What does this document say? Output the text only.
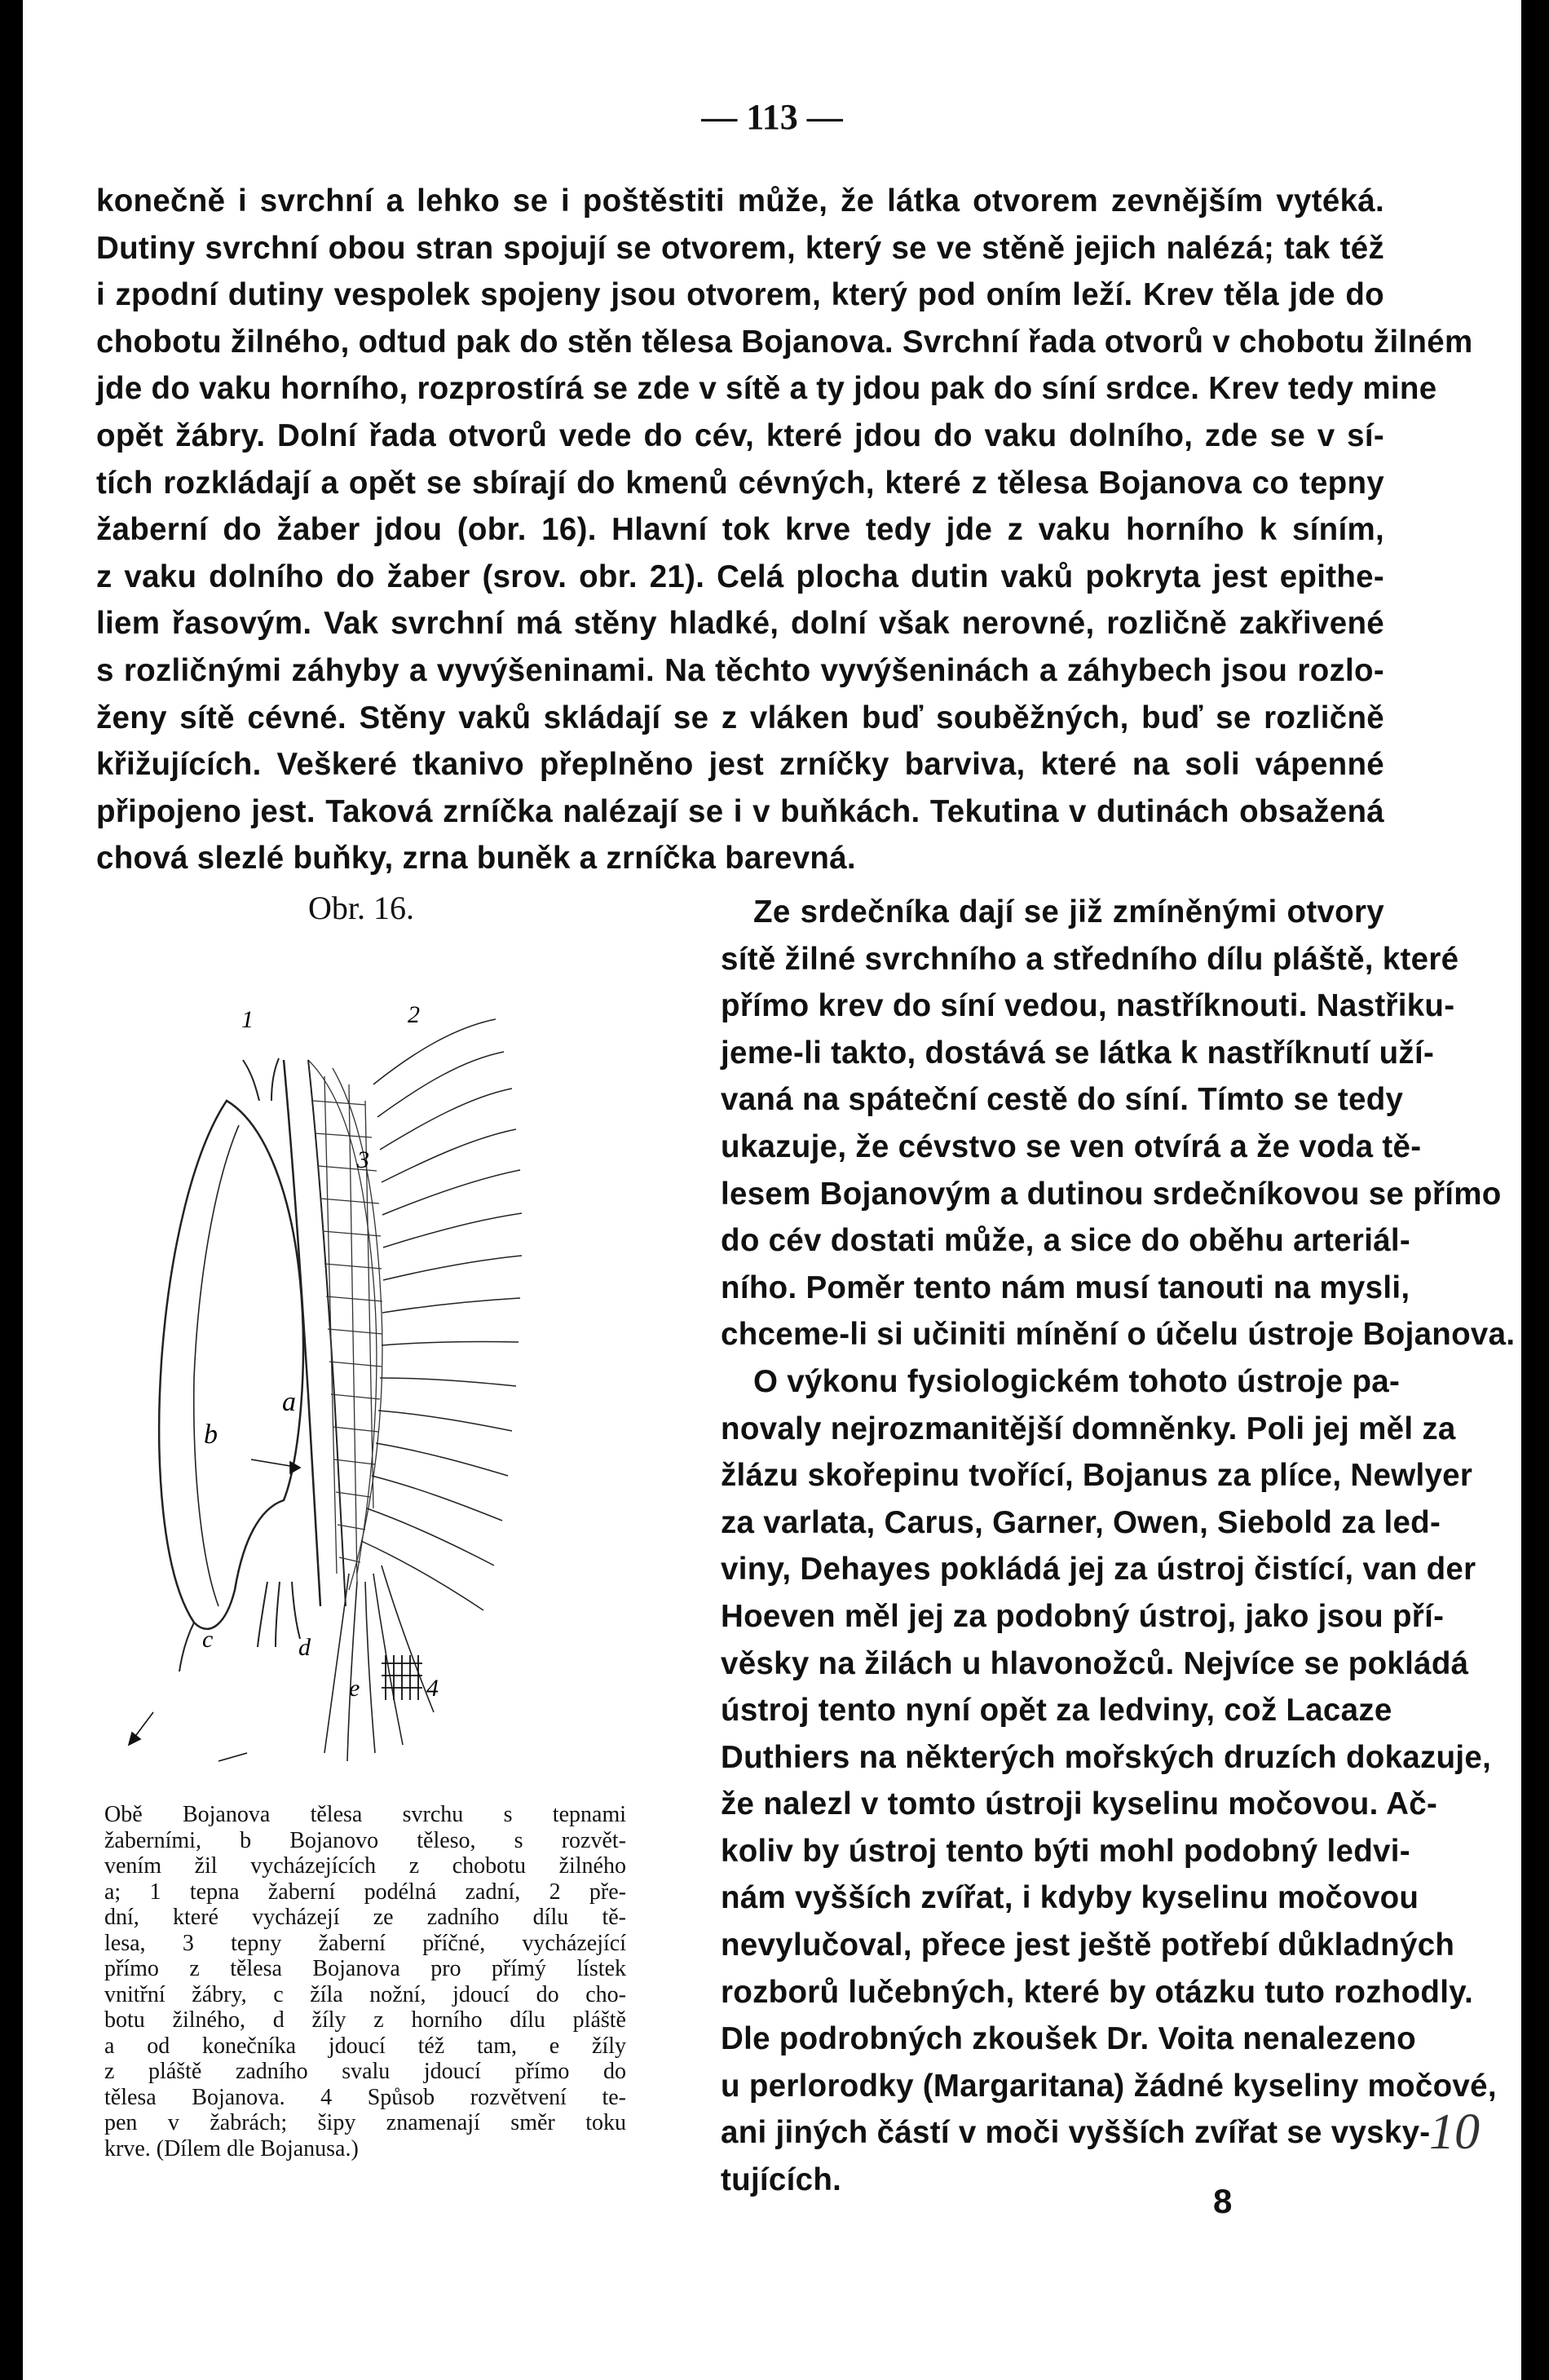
— 113 —
konečně i svrchní a lehko se i poštěstiti může, že látka otvorem zevnějším vytéká.
Dutiny svrchní obou stran spojují se otvorem, který se ve stěně jejich nalézá; tak též
i zpodní dutiny vespolek spojeny jsou otvorem, který pod oním leží. Krev těla jde do
chobotu žilného, odtud pak do stěn tělesa Bojanova. Svrchní řada otvorů v chobotu žilném
jde do vaku horního, rozprostírá se zde v sítě a ty jdou pak do síní srdce. Krev tedy mine
opět žábry. Dolní řada otvorů vede do cév, které jdou do vaku dolního, zde se v sí-
tích rozkládají a opět se sbírají do kmenů cévných, které z tělesa Bojanova co tepny
žaberní do žaber jdou (obr. 16). Hlavní tok krve tedy jde z vaku horního k síním,
z vaku dolního do žaber (srov. obr. 21). Celá plocha dutin vaků pokryta jest epithe-
liem řasovým. Vak svrchní má stěny hladké, dolní však nerovné, rozličně zakřivené
s rozličnými záhyby a vyvýšeninami. Na těchto vyvýšeninách a záhybech jsou rozlo-
ženy sítě cévné. Stěny vaků skládají se z vláken buď souběžných, buď se rozličně
křižujících. Veškeré tkanivo přeplněno jest zrníčky barviva, které na soli vápenné
připojeno jest. Taková zrníčka nalézají se i v buňkách. Tekutina v dutinách obsažená
chová slezlé buňky, zrna buněk a zrníčka barevná.
Obr. 16.
1	2
3
4
a
b
c	d
e
Ze srdečníka dají se již zmíněnými otvory
sítě žilné svrchního a středního dílu pláště, které
přímo krev do síní vedou, nastříknouti. Nastřiku-
jeme-li takto, dostává se látka k nastříknutí uží-
vaná na spáteční cestě do síní. Tímto se tedy
ukazuje, že cévstvo se ven otvírá a že voda tě-
lesem Bojanovým a dutinou srdečníkovou se přímo
do cév dostati může, a sice do oběhu arteriál-
ního. Poměr tento nám musí tanouti na mysli,
chceme-li si učiniti mínění o účelu ústroje Bojanova.
O výkonu fysiologickém tohoto ústroje pa-
novaly nejrozmanitější domněnky. Poli jej měl za
žlázu skořepinu tvořící, Bojanus za plíce, Newlyer
za varlata, Carus, Garner, Owen, Siebold za led-
viny, Dehayes pokládá jej za ústroj čistící, van der
Hoeven měl jej za podobný ústroj, jako jsou pří-
věsky na žilách u hlavonožců. Nejvíce se pokládá
ústroj tento nyní opět za ledviny, což Lacaze
Duthiers na některých mořských druzích dokazuje,
že nalezl v tomto ústroji kyselinu močovou. Ač-
koliv by ústroj tento býti mohl podobný ledvi-
nám vyšších zvířat, i kdyby kyselinu močovou
nevylučoval, přece jest ještě potřebí důkladných
rozborů lučebných, které by otázku tuto rozhodly.
Dle podrobných zkoušek Dr. Voita nenalezeno
u perlorodky (Margaritana) žádné kyseliny močové,
ani jiných částí v moči vyšších zvířat se vysky-
tujících.
Obě Bojanova tělesa svrchu s tepnami
žaberními, b Bojanovo těleso, s rozvět-
vením žil vycházejících z chobotu žilného
a; 1 tepna žaberní podélná zadní, 2 pře-
dní, které vycházejí ze zadního dílu tě-
lesa, 3 tepny žaberní příčné, vycházející
přímo z tělesa Bojanova pro přímý lístek
vnitřní žábry, c žíla nožní, jdoucí do cho-
botu žilného, d žíly z horního dílu pláště
a od konečníka jdoucí též tam, e žíly
z pláště zadního svalu jdoucí přímo do
tělesa Bojanova. 4 Spůsob rozvětvení te-
pen v žabrách; šipy znamenají směr toku
krve. (Dílem dle Bojanusa.)
8
10
